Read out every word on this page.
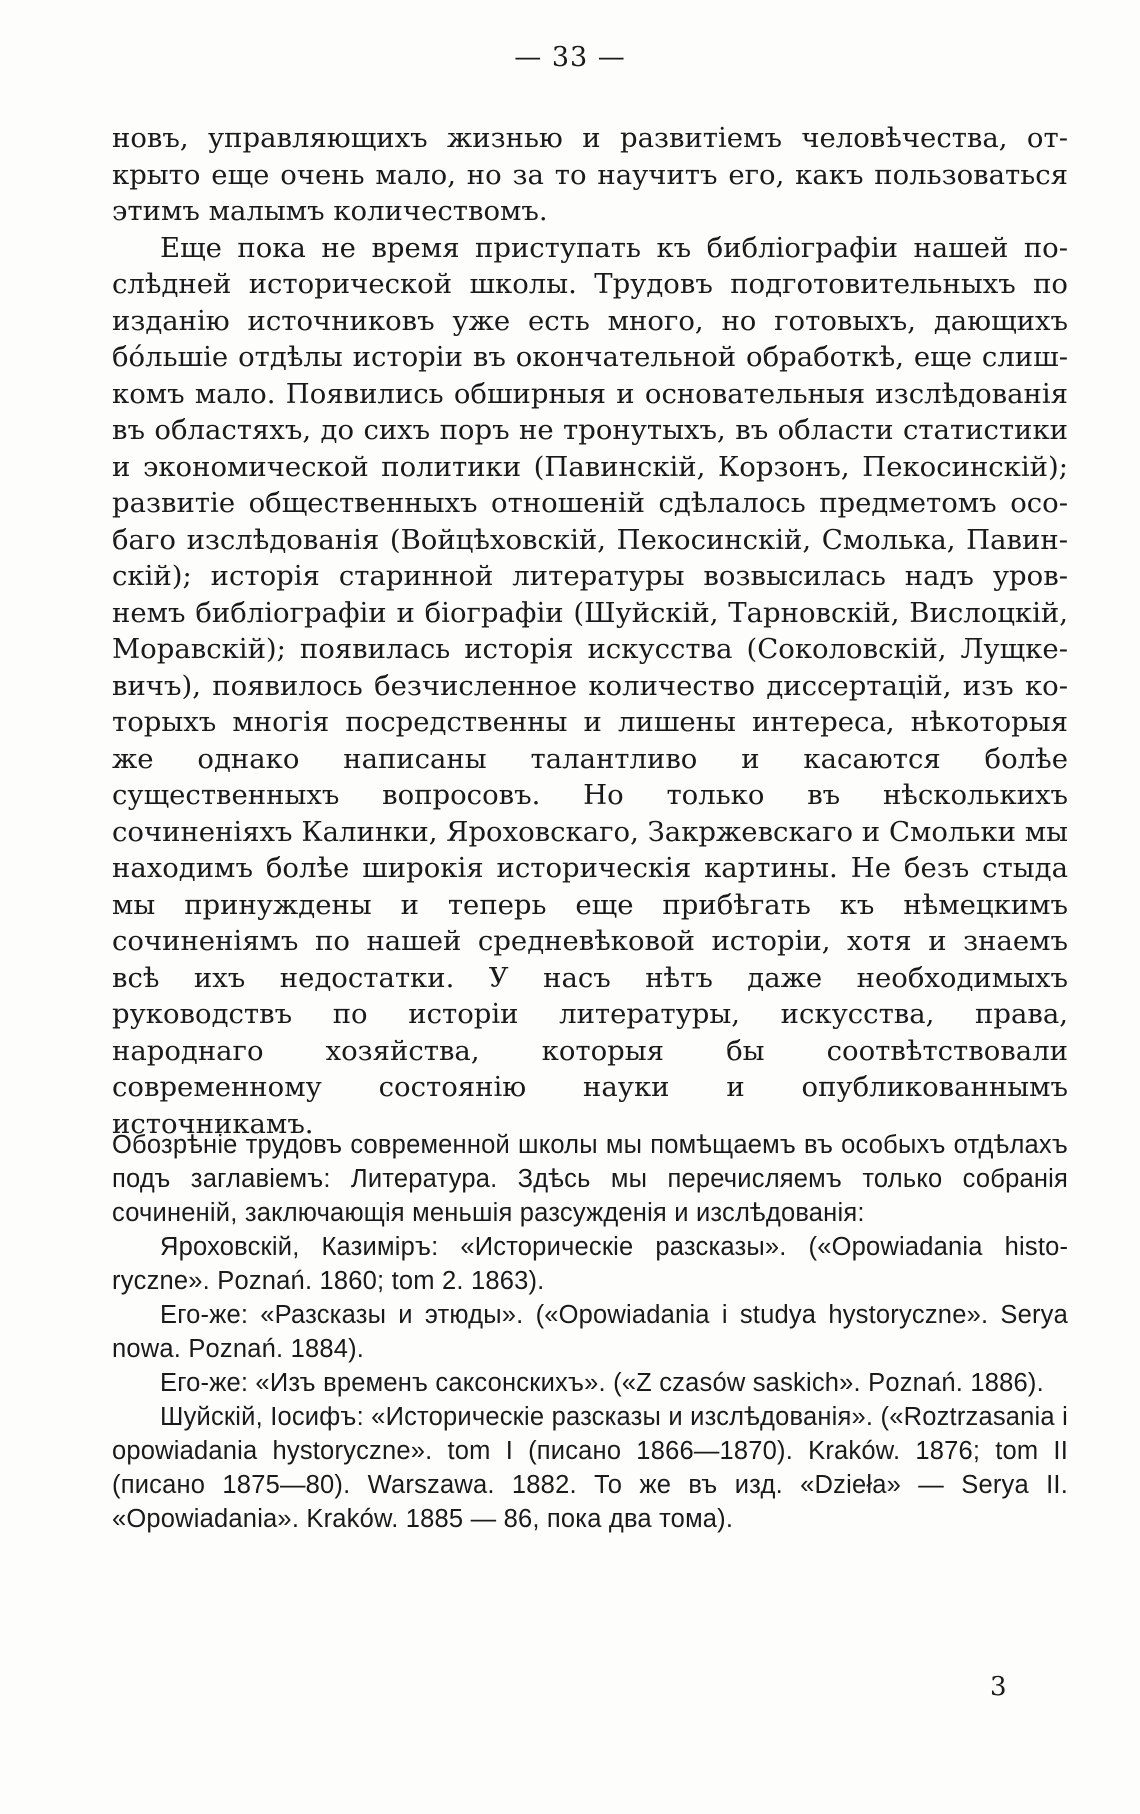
— 33 —

новъ, управляющихъ жизнью и развитіемъ человѣчества, открыто еще очень мало, но за то научитъ его, какъ пользоваться этимъ малымъ количествомъ.

Еще пока не время приступать къ библіографіи нашей послѣдней исторической школы. Трудовъ подготовительныхъ по изданію источниковъ уже есть много, но готовыхъ, дающихъ бόльшіе отдѣлы исторіи въ окончательной обработкѣ, еще слишкомъ мало. Появились обширныя и основательныя изслѣдованія въ областяхъ, до сихъ поръ не тронутыхъ, въ области статистики и экономической политики (Павинскій, Корзонъ, Пекосинскій); развитіе общественныхъ отношеній сдѣлалось предметомъ особаго изслѣдованія (Войцѣховскій, Пекосинскій, Смолька, Павинскій); исторія старинной литературы возвысилась надъ уровнемъ библіографіи и біографіи (Шуйскій, Тарновскій, Вислоцкій, Моравскій); появилась исторія искусства (Соколовскій, Лущкевичъ), появилось безчисленное количество диссертацій, изъ которыхъ многія посредственны и лишены интереса, нѣкоторыя же однако написаны талантливо и касаются болѣе существенныхъ вопросовъ. Но только въ нѣсколькихъ сочиненіяхъ Калинки, Яроховскаго, Закржевскаго и Смольки мы находимъ болѣе широкія историческія картины. Не безъ стыда мы принуждены и теперь еще прибѣгать къ нѣмецкимъ сочиненіямъ по нашей средневѣковой исторіи, хотя и знаемъ всѣ ихъ недостатки. У насъ нѣтъ даже необходимыхъ руководствъ по исторіи литературы, искусства, права, народнаго хозяйства, которыя бы соотвѣтствовали современному состоянію науки и опубликованнымъ источникамъ.

Обозрѣніе трудовъ современной школы мы помѣщаемъ въ особыхъ отдѣлахъ подъ заглавіемъ: Литература. Здѣсь мы перечисляемъ только собранія сочиненій, заключающія меньшія разсужденія и изслѣдованія:

Яроховскій, Казиміръ: «Историческіе разсказы». («Opowiadania historyczne». Poznań. 1860; tom 2. 1863).

Его-же: «Разсказы и этюды». («Opowiadania i studya hystoryczne». Serya nowa. Poznań. 1884).

Его-же: «Изъ временъ саксонскихъ». («Z czasów saskich». Poznań. 1886).

Шуйскій, Іосифъ: «Историческіе разсказы и изслѣдованія». («Roztrzasania i opowiadania hystoryczne». tom I (писано 1866—1870). Kraków. 1876; tom II (писано 1875—80). Warszawa. 1882. То же въ изд. «Dzieła» — Serya II. «Opowiadania». Kraków. 1885 — 86, пока два тома).

3
